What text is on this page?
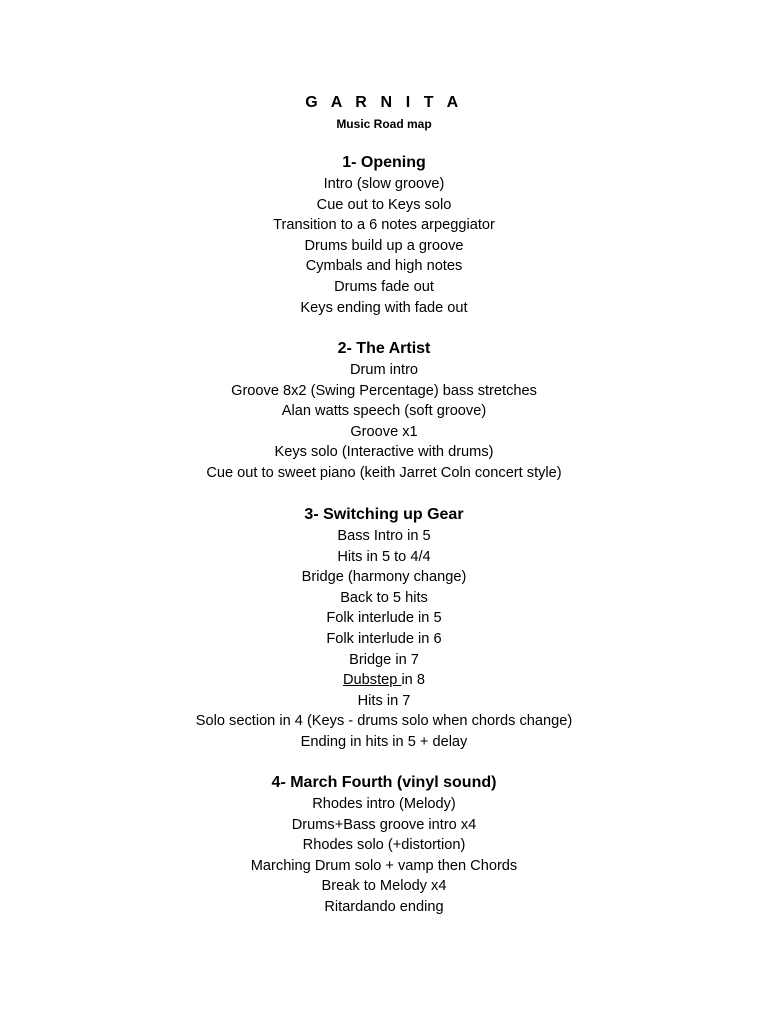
G A R N I T A
Music Road map
1- Opening
Intro (slow groove)
Cue out to Keys solo
Transition to a 6 notes arpeggiator
Drums build up a groove
Cymbals and high notes
Drums fade out
Keys ending with fade out
2- The Artist
Drum intro
Groove 8x2 (Swing Percentage) bass stretches
Alan watts speech (soft groove)
Groove x1
Keys solo (Interactive with drums)
Cue out to sweet piano (keith Jarret Coln concert style)
3- Switching up Gear
Bass Intro in 5
Hits in 5 to 4/4
Bridge (harmony change)
Back to 5 hits
Folk interlude in 5
Folk interlude in 6
Bridge in 7
Dubstep in 8
Hits in 7
Solo section in 4 (Keys - drums solo when chords change)
Ending in hits in 5 + delay
4- March Fourth (vinyl sound)
Rhodes intro (Melody)
Drums+Bass groove intro x4
Rhodes solo (+distortion)
Marching Drum solo + vamp then Chords
Break to Melody x4
Ritardando ending
